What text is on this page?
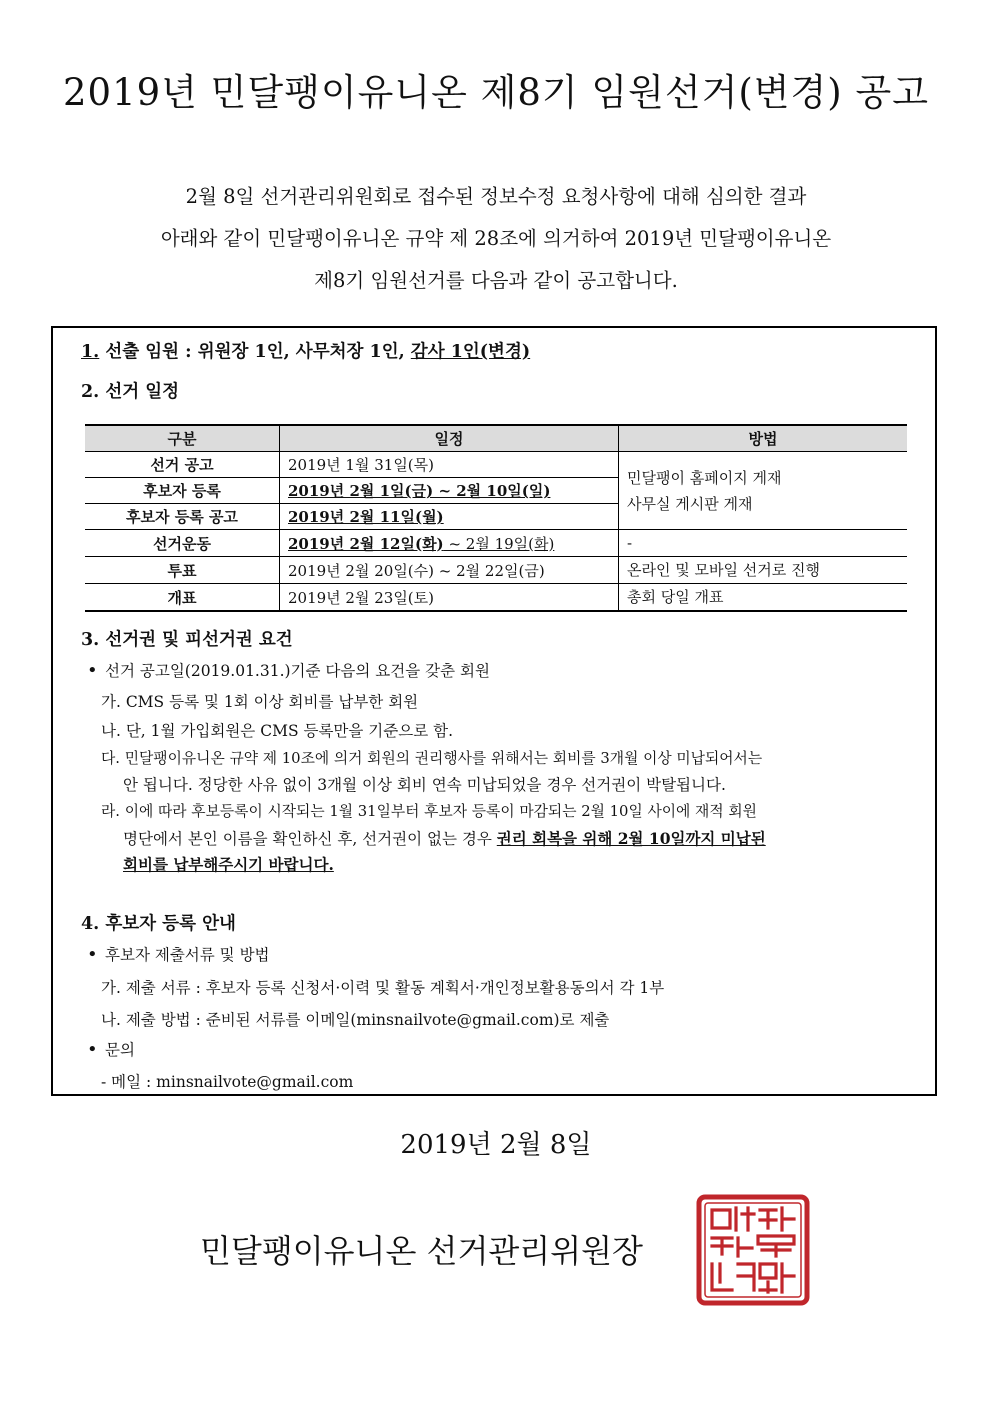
2019년 민달팽이유니온 제8기 임원선거(변경) 공고
2월 8일 선거관리위원회로 접수된 정보수정 요청사항에 대해 심의한 결과
아래와 같이 민달팽이유니온 규약 제 28조에 의거하여 2019년 민달팽이유니온
제8기 임원선거를 다음과 같이 공고합니다.
1. 선출 임원 : 위원장 1인, 사무처장 1인, 감사 1인(변경)
2. 선거 일정
구분	일정	방법
선거 공고	2019년 1월 31일(목)	민달팽이 홈페이지 게재
사무실 게시판 게재

후보자 등록	2019년 2월 1일(금) ~ 2월 10일(일)	
후보자 등록 공고	2019년 2월 11일(월)	
선거운동	2019년 2월 12일(화) ~ 2월 19일(화)	-
투표	2019년 2월 20일(수) ~ 2월 22일(금)	온라인 및 모바일 선거로 진행
개표	2019년 2월 23일(토)	총회 당일 개표
3. 선거권 및 피선거권 요건
• 선거 공고일(2019.01.31.)기준 다음의 요건을 갖춘 회원
가. CMS 등록 및 1회 이상 회비를 납부한 회원
나. 단, 1월 가입회원은 CMS 등록만을 기준으로 함.
다. 민달팽이유니온 규약 제 10조에 의거 회원의 권리행사를 위해서는 회비를 3개월 이상 미납되어서는
안 됩니다. 정당한 사유 없이 3개월 이상 회비 연속 미납되었을 경우 선거권이 박탈됩니다.
라. 이에 따라 후보등록이 시작되는 1월 31일부터 후보자 등록이 마감되는 2월 10일 사이에 재적 회원
명단에서 본인 이름을 확인하신 후, 선거권이 없는 경우 권리 회복을 위해 2월 10일까지 미납된
회비를 납부해주시기 바랍니다.
4. 후보자 등록 안내
• 후보자 제출서류 및 방법
가. 제출 서류 : 후보자 등록 신청서·이력 및 활동 계획서·개인정보활용동의서 각 1부
나. 제출 방법 : 준비된 서류를 이메일(minsnailvote@gmail.com)로 제출
• 문의
- 메일 : minsnailvote@gmail.com
2019년 2월 8일
민달팽이유니온 선거관리위원장
